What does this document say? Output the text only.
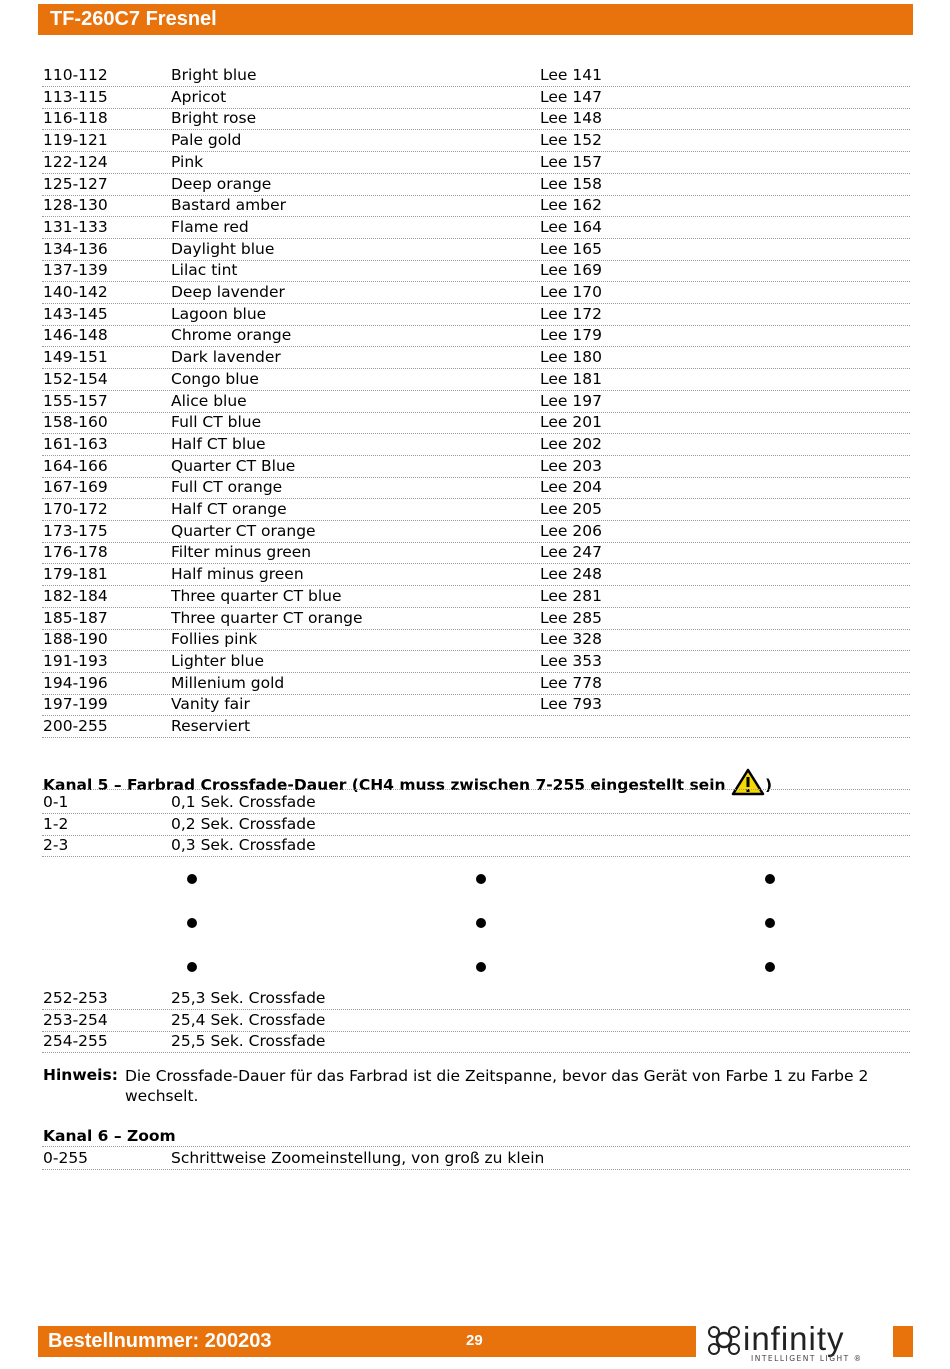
TF-260C7 Fresnel
110-112	Bright blue	Lee 141
113-115	Apricot	Lee 147
116-118	Bright rose	Lee 148
119-121	Pale gold	Lee 152
122-124	Pink	Lee 157
125-127	Deep orange	Lee 158
128-130	Bastard amber	Lee 162
131-133	Flame red	Lee 164
134-136	Daylight blue	Lee 165
137-139	Lilac tint	Lee 169
140-142	Deep lavender	Lee 170
143-145	Lagoon blue	Lee 172
146-148	Chrome orange	Lee 179
149-151	Dark lavender	Lee 180
152-154	Congo blue	Lee 181
155-157	Alice blue	Lee 197
158-160	Full CT blue	Lee 201
161-163	Half CT blue	Lee 202
164-166	Quarter CT Blue	Lee 203
167-169	Full CT orange	Lee 204
170-172	Half CT orange	Lee 205
173-175	Quarter CT orange	Lee 206
176-178	Filter minus green	Lee 247
179-181	Half minus green	Lee 248
182-184	Three quarter CT blue	Lee 281
185-187	Three quarter CT orange	Lee 285
188-190	Follies pink	Lee 328
191-193	Lighter blue	Lee 353
194-196	Millenium gold	Lee 778
197-199	Vanity fair	Lee 793
200-255	Reserviert
Kanal 5 – Farbrad Crossfade-Dauer (CH4 muss zwischen 7-255 eingestellt sein	)
0-1	0,1 Sek. Crossfade
1-2	0,2 Sek. Crossfade
2-3	0,3 Sek. Crossfade
252-253	25,3 Sek. Crossfade
253-254	25,4 Sek. Crossfade
254-255	25,5 Sek. Crossfade
Hinweis: Die Crossfade-Dauer für das Farbrad ist die Zeitspanne, bevor das Gerät von Farbe 1 zu Farbe 2 wechselt.
Kanal 6 – Zoom
0-255	Schrittweise Zoomeinstellung, von groß zu klein
Bestellnummer: 200203	29	infinity
INTELLIGENT LIGHT ®
